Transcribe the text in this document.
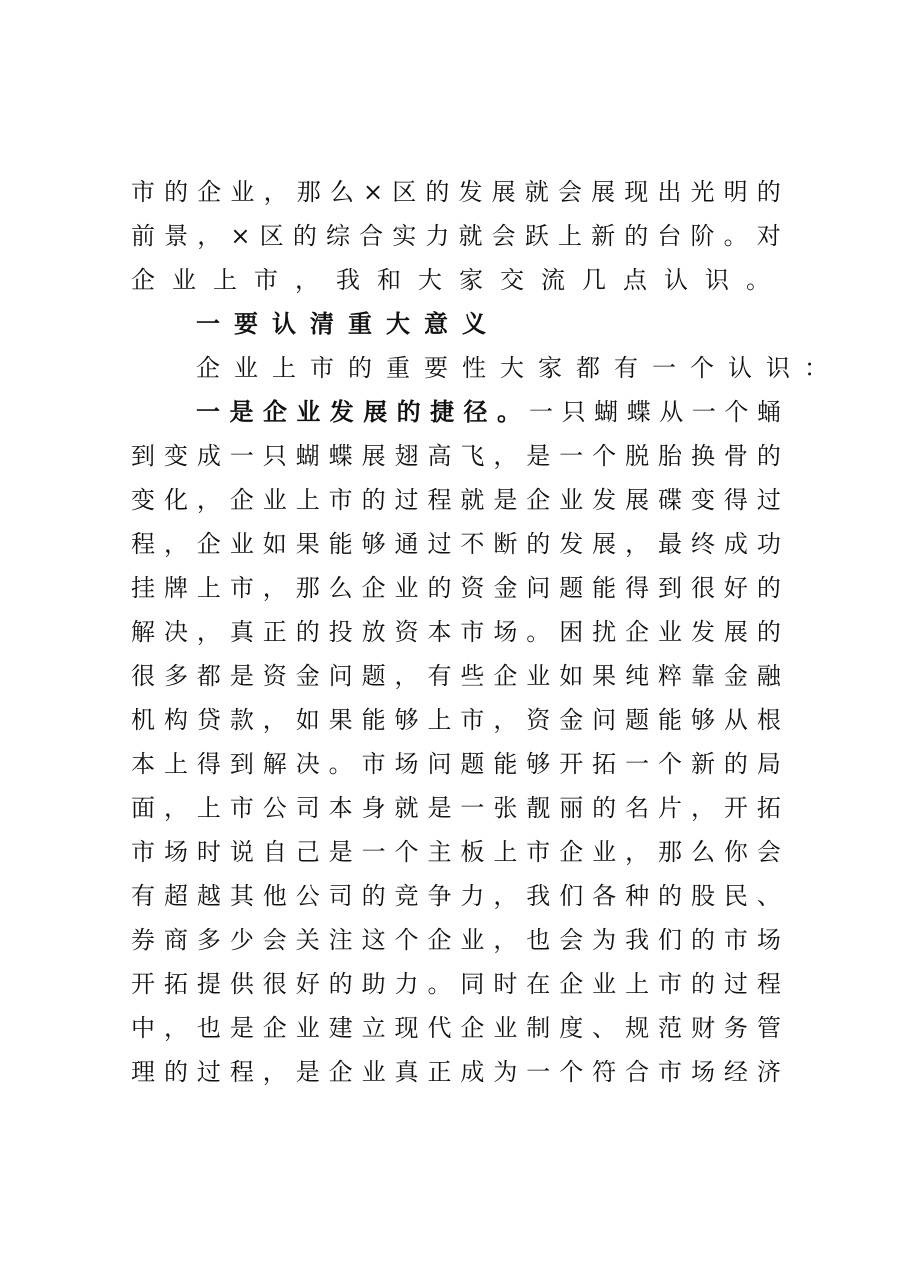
市 的 企 业 ， 那 么 × 区 的 发 展 就 会 展 现 出 光 明 的
前 景 ， × 区 的 综 合 实 力 就 会 跃 上 新 的 台 阶 。 对
企业上市，我和大家交流几点认识。
一要认清重大意义
企业上市的重要性大家都有一个认识：
一 是 企 业 发 展 的 捷 径 。 一 只 蝴 蝶 从 一 个 蛹
到 变 成 一 只 蝴 蝶 展 翅 高 飞 ， 是 一 个 脱 胎 换 骨 的
变 化 ， 企 业 上 市 的 过 程 就 是 企 业 发 展 碟 变 得 过
程 ， 企 业 如 果 能 够 通 过 不 断 的 发 展 ， 最 终 成 功
挂 牌 上 市 ， 那 么 企 业 的 资 金 问 题 能 得 到 很 好 的
解 决 ， 真 正 的 投 放 资 本 市 场 。 困 扰 企 业 发 展 的
很 多 都 是 资 金 问 题 ， 有 些 企 业 如 果 纯 粹 靠 金 融
机 构 贷 款 ， 如 果 能 够 上 市 ， 资 金 问 题 能 够 从 根
本 上 得 到 解 决 。 市 场 问 题 能 够 开 拓 一 个 新 的 局
面 ， 上 市 公 司 本 身 就 是 一 张 靓 丽 的 名 片 ， 开 拓
市 场 时 说 自 己 是 一 个 主 板 上 市 企 业 ， 那 么 你 会
有 超 越 其 他 公 司 的 竞 争 力 ， 我 们 各 种 的 股 民 、
券 商 多 少 会 关 注 这 个 企 业 ， 也 会 为 我 们 的 市 场
开 拓 提 供 很 好 的 助 力 。 同 时 在 企 业 上 市 的 过 程
中 ， 也 是 企 业 建 立 现 代 企 业 制 度 、 规 范 财 务 管
理 的 过 程 ， 是 企 业 真 正 成 为 一 个 符 合 市 场 经 济
